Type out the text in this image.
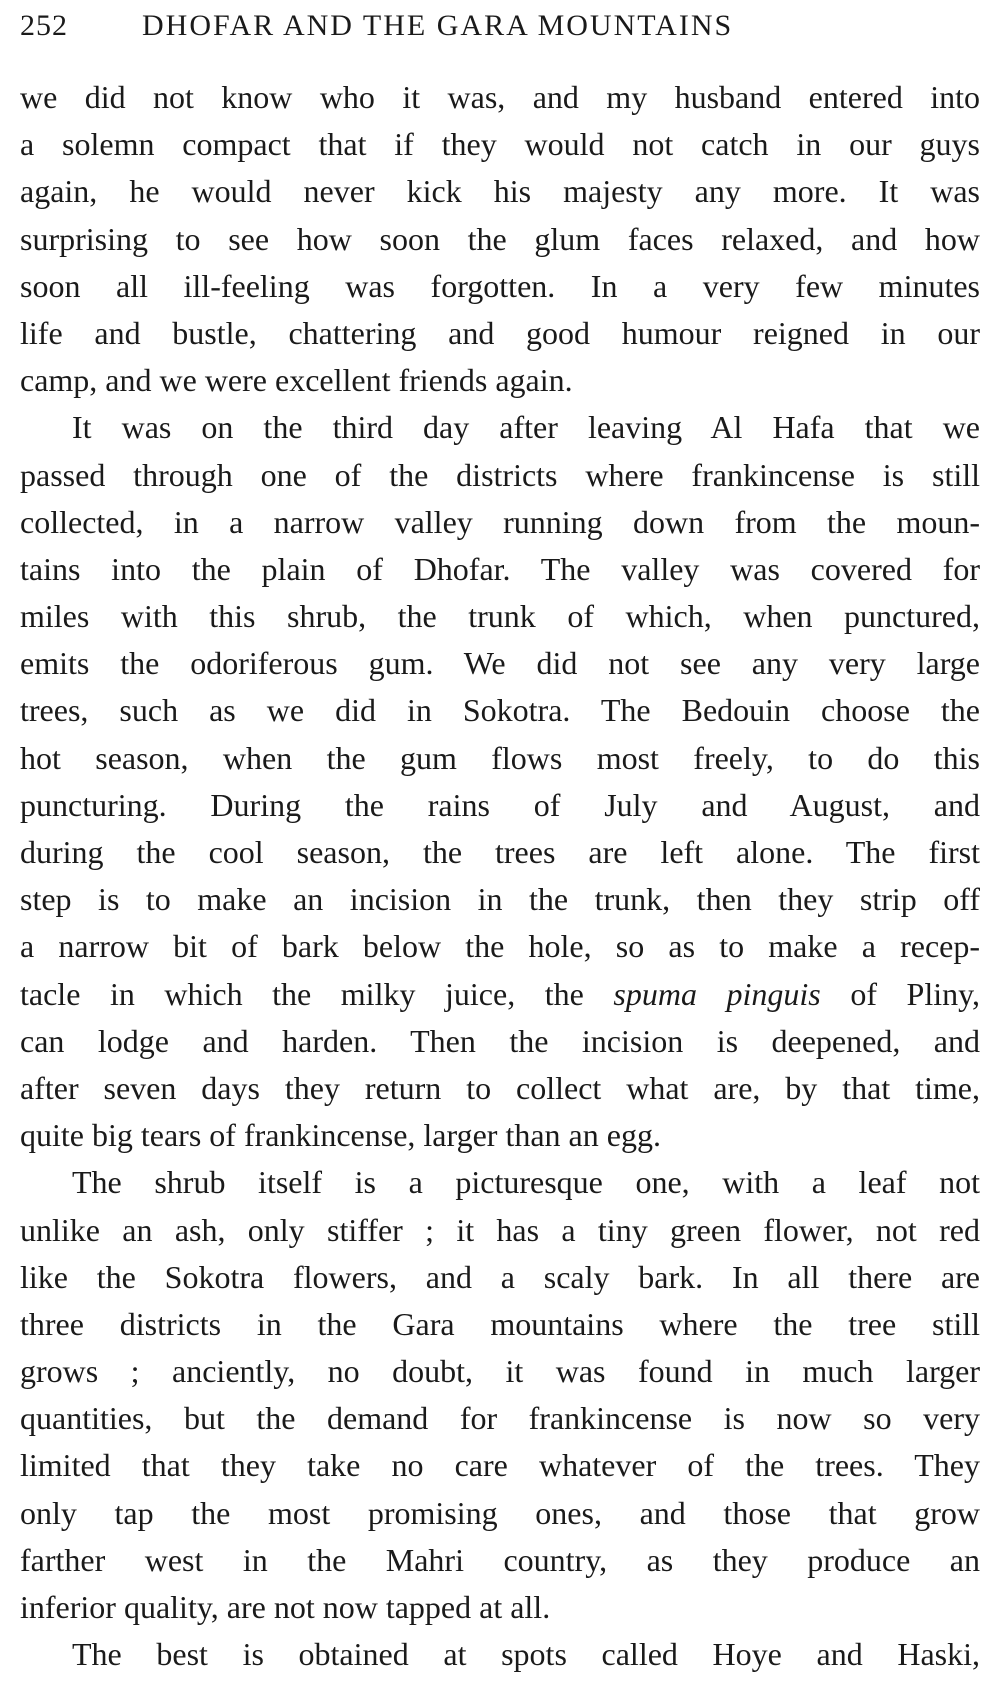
252 DHOFAR AND THE GARA MOUNTAINS
we did not know who it was, and my husband entered into
a solemn compact that if they would not catch in our guys
again, he would never kick his majesty any more. It was
surprising to see how soon the glum faces relaxed, and how
soon all ill-feeling was forgotten. In a very few minutes
life and bustle, chattering and good humour reigned in our
camp, and we were excellent friends again.
It was on the third day after leaving Al Hafa that we
passed through one of the districts where frankincense is still
collected, in a narrow valley running down from the moun-
tains into the plain of Dhofar. The valley was covered for
miles with this shrub, the trunk of which, when punctured,
emits the odoriferous gum. We did not see any very large
trees, such as we did in Sokotra. The Bedouin choose the
hot season, when the gum flows most freely, to do this
puncturing. During the rains of July and August, and
during the cool season, the trees are left alone. The first
step is to make an incision in the trunk, then they strip off
a narrow bit of bark below the hole, so as to make a recep-
tacle in which the milky juice, the spuma pinguis of Pliny,
can lodge and harden. Then the incision is deepened, and
after seven days they return to collect what are, by that time,
quite big tears of frankincense, larger than an egg.
The shrub itself is a picturesque one, with a leaf not
unlike an ash, only stiffer ; it has a tiny green flower, not red
like the Sokotra flowers, and a scaly bark. In all there are
three districts in the Gara mountains where the tree still
grows ; anciently, no doubt, it was found in much larger
quantities, but the demand for frankincense is now so very
limited that they take no care whatever of the trees. They
only tap the most promising ones, and those that grow
farther west in the Mahri country, as they produce an
inferior quality, are not now tapped at all.
The best is obtained at spots called Hoye and Haski,
